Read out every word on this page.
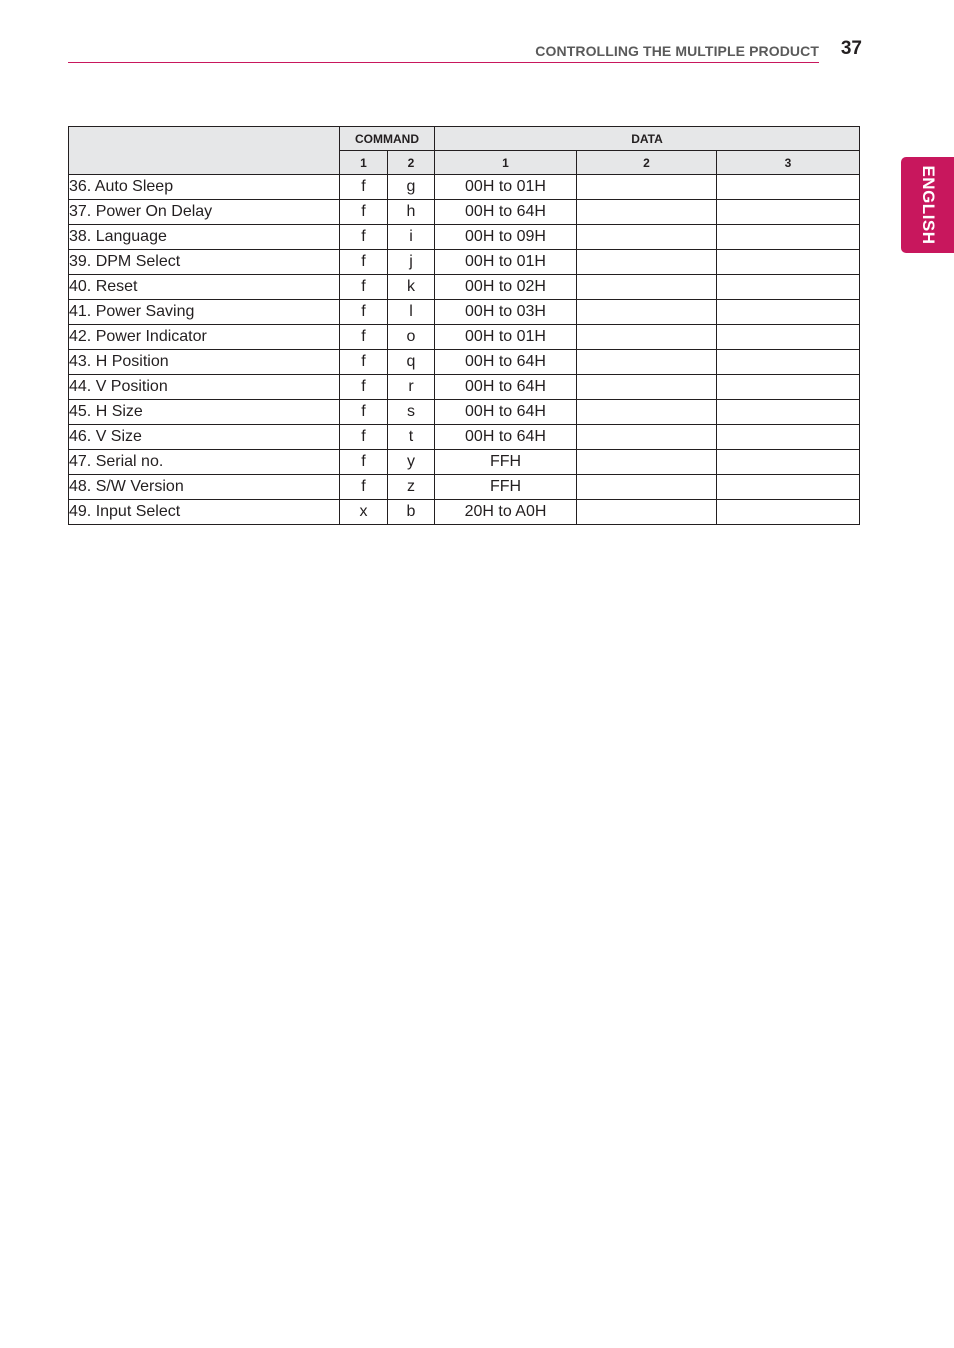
CONTROLLING THE MULTIPLE PRODUCT	37
ENGLISH
	COMMAND		DATA		
	1	2	1	2	3
36. Auto Sleep	f	g	00H to 01H		
37. Power On Delay	f	h	00H to 64H		
38. Language	f	i	00H to 09H		
39. DPM Select	f	j	00H to 01H		
40. Reset	f	k	00H to 02H		
41. Power Saving	f	l	00H to 03H		
42. Power Indicator	f	o	00H to 01H		
43. H Position	f	q	00H to 64H		
44. V Position	f	r	00H to 64H		
45. H Size	f	s	00H to 64H		
46. V Size	f	t	00H to 64H		
47. Serial no.	f	y	FFH		
48. S/W Version	f	z	FFH		
49. Input Select	x	b	20H to A0H		
